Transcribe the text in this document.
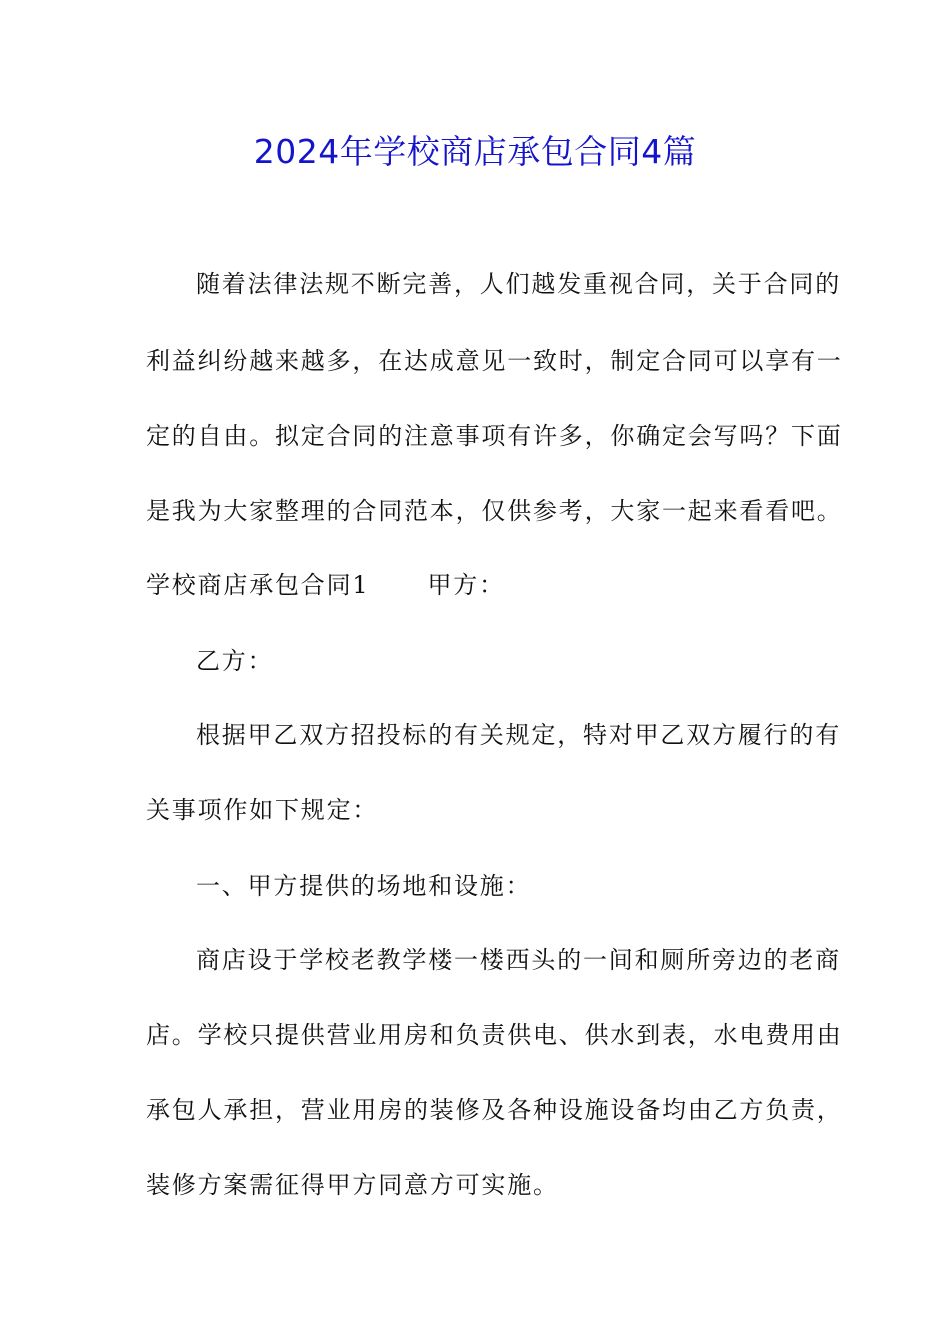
2024年学校商店承包合同4篇
随着法律法规不断完善，人们越发重视合同，关于合同的
利益纠纷越来越多，在达成意见一致时，制定合同可以享有一
定的自由。拟定合同的注意事项有许多，你确定会写吗？下面
是我为大家整理的合同范本，仅供参考，大家一起来看看吧。
学校商店承包合同1 甲方：
乙方：
根据甲乙双方招投标的有关规定，特对甲乙双方履行的有
关事项作如下规定：
一、甲方提供的场地和设施：
商店设于学校老教学楼一楼西头的一间和厕所旁边的老商
店。学校只提供营业用房和负责供电、供水到表，水电费用由
承包人承担，营业用房的装修及各种设施设备均由乙方负责，
装修方案需征得甲方同意方可实施。
